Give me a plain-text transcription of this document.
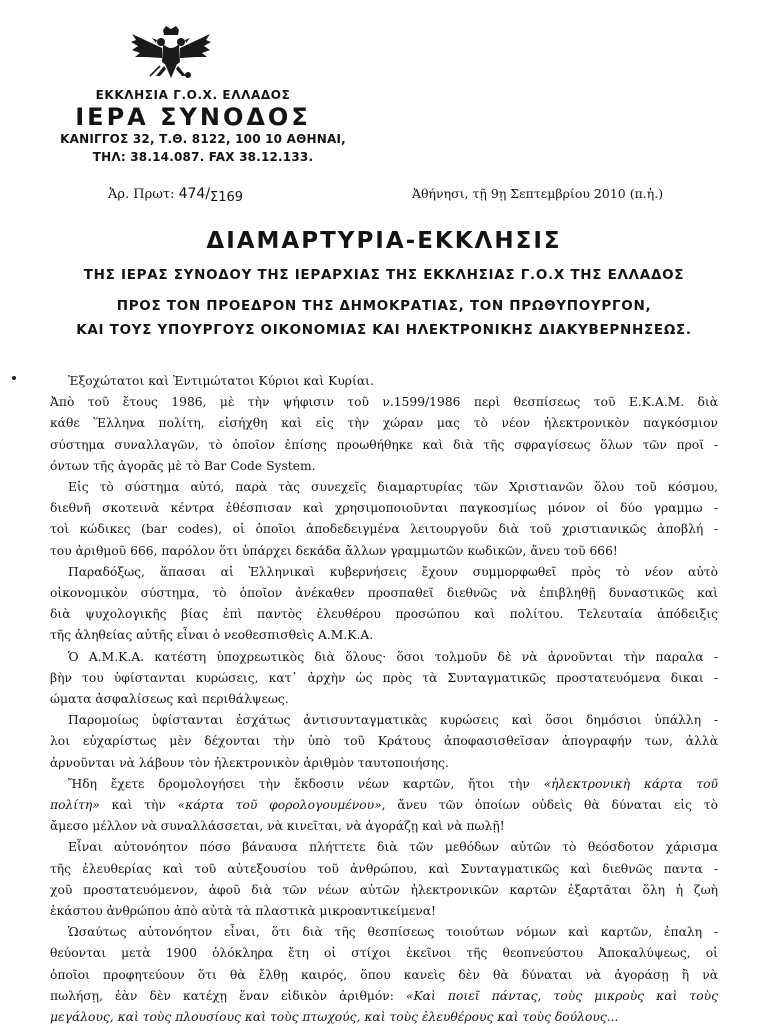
ΕΚΚΛΗΣΙΑ Γ.Ο.Χ. ΕΛΛΑΔΟΣ
ΙΕΡΑ ΣΥΝΟΔΟΣ
ΚΑΝΙΓΓΟΣ 32, Τ.Θ. 8122, 100 10 ΑΘΗΝΑΙ,
ΤΗΛ: 38.14.087. FAX 38.12.133.
Ἀρ. Πρωτ: 474/Σ169	Ἀθήνησι, τῇ 9ῃ Σεπτεμβρίου 2010 (π.ἡ.)
ΔΙΑΜΑΡΤΥΡΙΑ-ΕΚΚΛΗΣΙΣ
ΤΗΣ ΙΕΡΑΣ ΣΥΝΟΔΟΥ ΤΗΣ ΙΕΡΑΡΧΙΑΣ ΤΗΣ ΕΚΚΛΗΣΙΑΣ Γ.Ο.Χ ΤΗΣ ΕΛΛΑΔΟΣ
ΠΡΟΣ ΤΟΝ ΠΡΟΕΔΡΟΝ ΤΗΣ ΔΗΜΟΚΡΑΤΙΑΣ, ΤΟΝ ΠΡΩΘΥΠΟΥΡΓΟΝ,
ΚΑΙ ΤΟΥΣ ΥΠΟΥΡΓΟΥΣ ΟΙΚΟΝΟΜΙΑΣ ΚΑΙ ΗΛΕΚΤΡΟΝΙΚΗΣ ΔΙΑΚΥΒΕΡΝΗΣΕΩΣ.
Ἐξοχώτατοι καὶ Ἐντιμώτατοι Κύριοι καὶ Κυρίαι.
Ἀπὸ τοῦ ἔτους 1986, μὲ τὴν ψήφισιν τοῦ ν.1599/1986 περὶ θεσπίσεως τοῦ Ε.Κ.Α.Μ. διὰ
κάθε Ἕλληνα πολίτη, εἰσήχθη καὶ εἰς τὴν χώραν μας τὸ νέον ἠλεκτρονικὸν παγκόσμιον
σύστημα συναλλαγῶν, τὸ ὁποῖον ἐπίσης προωθήθηκε καὶ διὰ τῆς σφραγίσεως ὅλων τῶν προϊ -
όντων τῆς ἀγορᾶς μὲ τὸ Bar Code System.
Εἰς τὸ σύστημα αὐτό, παρὰ τὰς συνεχεῖς διαμαρτυρίας τῶν Χριστιανῶν ὅλου τοῦ κόσμου,
διεθνῆ σκοτεινὰ κέντρα ἐθέσπισαν καὶ χρησιμοποιοῦνται παγκοσμίως μόνον οἱ δύο γραμμω -
τοὶ κώδικες (bar codes), οἱ ὁποῖοι ἀποδεδειγμένα λειτουργοῦν διὰ τοῦ χριστιανικῶς ἀποβλή -
του ἀριθμοῦ 666, παρόλον ὅτι ὑπάρχει δεκάδα ἄλλων γραμμωτῶν κωδικῶν, ἄνευ τοῦ 666!
Παραδόξως, ἅπασαι αἱ Ἑλληνικαὶ κυβερνήσεις ἔχουν συμμορφωθεῖ πρὸς τὸ νέον αὐτὸ
οἰκονομικὸν σύστημα, τὸ ὁποῖον ἀνέκαθεν προσπαθεῖ διεθνῶς νὰ ἐπιβληθῇ δυναστικῶς καὶ
διὰ ψυχολογικῆς βίας ἐπὶ παντὸς ἐλευθέρου προσώπου καὶ πολίτου. Τελευταία ἀπόδειξις
τῆς ἀληθείας αὐτῆς εἶναι ὁ νεοθεσπισθεὶς Α.Μ.Κ.Α.
Ὁ Α.Μ.Κ.Α. κατέστη ὑποχρεωτικὸς διὰ ὅλους· ὅσοι τολμοῦν δὲ νὰ ἀρνοῦνται τὴν παραλα -
βὴν του ὑφίστανται κυρώσεις, κατ᾽ ἀρχὴν ὡς πρὸς τὰ Συνταγματικῶς προστατευόμενα δικαι -
ώματα ἀσφαλίσεως καὶ περιθάλψεως.
Παρομοίως ὑφίστανται ἐσχάτως ἀντισυνταγματικὰς κυρώσεις καὶ ὅσοι δημόσιοι ὑπάλλη -
λοι εὐχαρίστως μὲν δέχονται τὴν ὑπὸ τοῦ Κράτους ἀποφασισθεῖσαν ἀπογραφήν των, ἀλλὰ
ἀρνοῦνται νὰ λάβουν τὸν ἠλεκτρονικὸν ἀριθμὸν ταυτοποιήσης.
Ἤδη ἔχετε δρομολογήσει τὴν ἔκδοσιν νέων καρτῶν, ἤτοι τὴν «ἠλεκτρονικὴ κάρτα τοῦ
πολίτη» καὶ τὴν «κάρτα τοῦ φορολογουμένου», ἄνευ τῶν ὁποίων οὐδεὶς θὰ δύναται εἰς τὸ
ἄμεσο μέλλον νὰ συναλλάσσεται, νὰ κινεῖται, νὰ ἀγοράζῃ καὶ νὰ πωλῇ!
Εἶναι αὐτονόητον πόσο βάναυσα πλήττετε διὰ τῶν μεθόδων αὐτῶν τὸ θεόσδοτον χάρισμα
τῆς ἐλευθερίας καὶ τοῦ αὐτεξουσίου τοῦ ἀνθρώπου, καὶ Συνταγματικῶς καὶ διεθνῶς παντα -
χοῦ προστατευόμενον, ἀφοῦ διὰ τῶν νέων αὐτῶν ἠλεκτρονικῶν καρτῶν ἐξαρτᾶται ὅλη ἡ ζωὴ
ἑκάστου ἀνθρώπου ἀπὸ αὐτὰ τὰ πλαστικὰ μικροαντικείμενα!
Ὡσαύτως αὐτονόητον εἶναι, ὅτι διὰ τῆς θεσπίσεως τοιούτων νόμων καὶ καρτῶν, ἐπαλη -
θεύονται μετὰ 1900 ὁλόκληρα ἔτη οἱ στίχοι ἐκεῖνοι τῆς θεοπνεύστου Ἀποκαλύψεως, οἱ
ὁποῖοι προφητεύουν ὅτι θὰ ἔλθῃ καιρός, ὅπου κανεὶς δὲν θὰ δύναται νὰ ἀγοράσῃ ἢ νὰ
πωλήσῃ, ἐὰν δὲν κατέχῃ ἕναν εἰδικὸν ἀριθμόν: «Καὶ ποιεῖ πάντας, τοὺς μικροὺς καὶ τοὺς
μεγάλους, καὶ τοὺς πλουσίους καὶ τοὺς πτωχούς, καὶ τοὺς ἐλευθέρους καὶ τοὺς δούλους...
